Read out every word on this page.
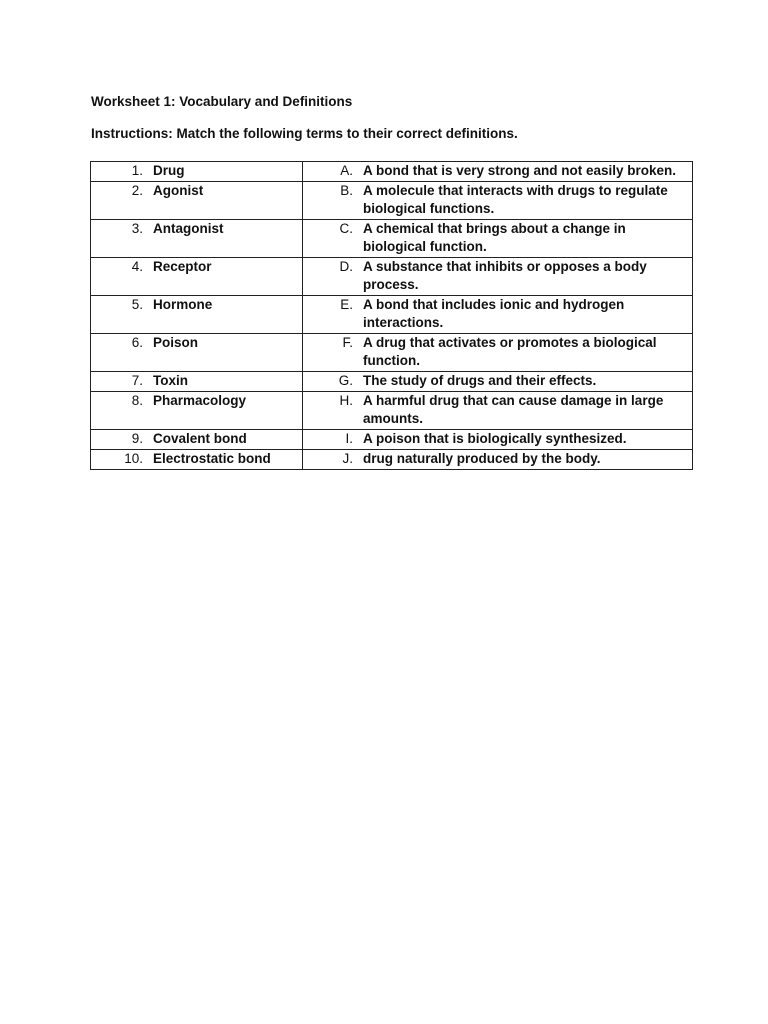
Worksheet 1: Vocabulary and Definitions

Instructions: Match the following terms to their correct definitions.

1. Drug	A. A bond that is very strong and not easily broken.

2. Agonist	B. A molecule that interacts with drugs to regulate biological functions.

3. Antagonist	C. A chemical that brings about a change in biological function.

4. Receptor	D. A substance that inhibits or opposes a body process.

5. Hormone	E. A bond that includes ionic and hydrogen interactions.

6. Poison	F. A drug that activates or promotes a biological function.

7. Toxin	G. The study of drugs and their effects.

8. Pharmacology	H. A harmful drug that can cause damage in large amounts.

9. Covalent bond	I. A poison that is biologically synthesized.

10. Electrostatic bond	J. drug naturally produced by the body.
